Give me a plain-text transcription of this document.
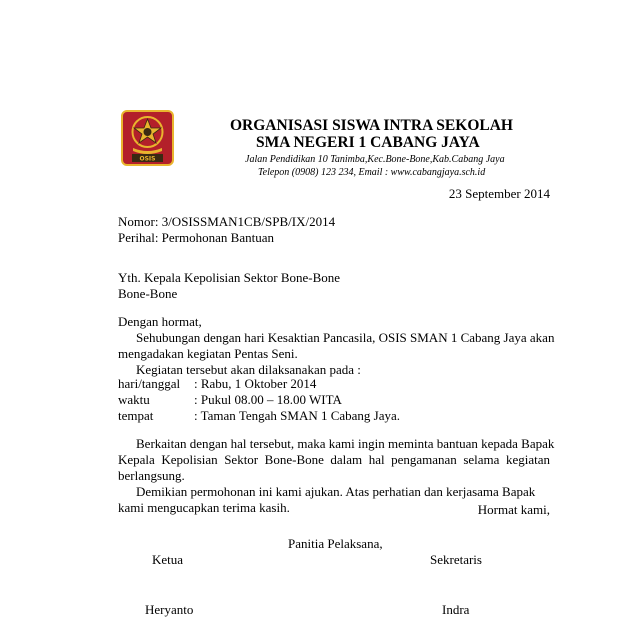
OSIS
ORGANISASI SISWA INTRA SEKOLAH
SMA NEGERI 1 CABANG JAYA
Jalan Pendidikan 10 Tanimba,Kec.Bone-Bone,Kab.Cabang Jaya
Telepon (0908) 123 234, Email : www.cabangjaya.sch.id
23 September 2014
Nomor: 3/OSISSMAN1CB/SPB/IX/2014
Perihal: Permohonan Bantuan
Yth. Kepala Kepolisian Sektor Bone-Bone
Bone-Bone
Dengan hormat,
Sehubungan dengan hari Kesaktian Pancasila, OSIS SMAN 1 Cabang Jaya akan
mengadakan kegiatan Pentas Seni.
Kegiatan tersebut akan dilaksanakan pada :
hari/tanggal : Rabu, 1 Oktober 2014
waktu	: Pukul 08.00 – 18.00 WITA
tempat	: Taman Tengah SMAN 1 Cabang Jaya.
Berkaitan dengan hal tersebut, maka kami ingin meminta bantuan kepada Bapak
Kepala Kepolisian Sektor Bone-Bone dalam hal pengamanan selama kegiatan
berlangsung.
Demikian permohonan ini kami ajukan. Atas perhatian dan kerjasama Bapak
kami mengucapkan terima kasih.	Hormat kami,
Panitia Pelaksana,
Ketua	Sekretaris
Heryanto	Indra
